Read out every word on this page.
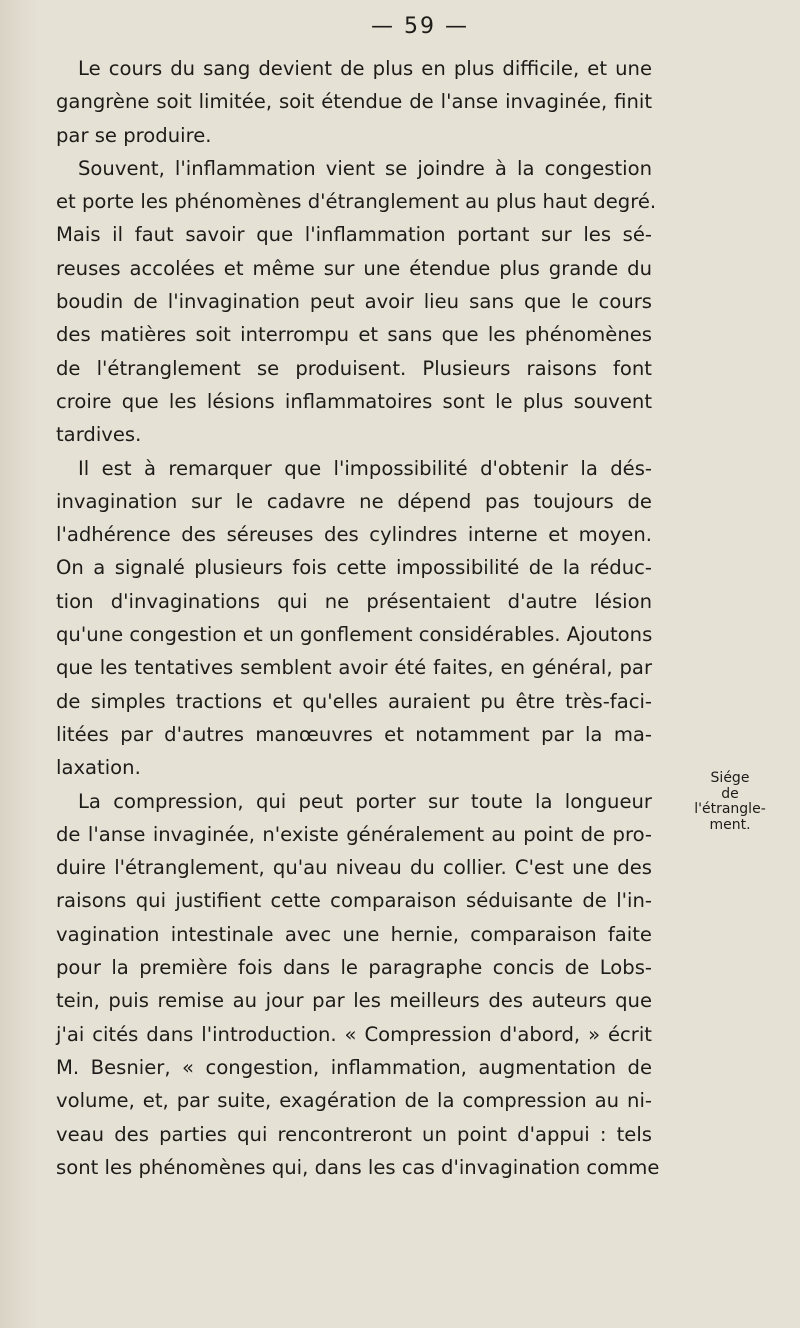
— 59 —
Le cours du sang devient de plus en plus difficile, et une
gangrène soit limitée, soit étendue de l'anse invaginée, finit
par se produire.
Souvent, l'inflammation vient se joindre à la congestion
et porte les phénomènes d'étranglement au plus haut degré.
Mais il faut savoir que l'inflammation portant sur les sé-
reuses accolées et même sur une étendue plus grande du
boudin de l'invagination peut avoir lieu sans que le cours
des matières soit interrompu et sans que les phénomènes
de l'étranglement se produisent. Plusieurs raisons font
croire que les lésions inflammatoires sont le plus souvent
tardives.
Il est à remarquer que l'impossibilité d'obtenir la dés-
invagination sur le cadavre ne dépend pas toujours de
l'adhérence des séreuses des cylindres interne et moyen.
On a signalé plusieurs fois cette impossibilité de la réduc-
tion d'invaginations qui ne présentaient d'autre lésion
qu'une congestion et un gonflement considérables. Ajoutons
que les tentatives semblent avoir été faites, en général, par
de simples tractions et qu'elles auraient pu être très-faci-
litées par d'autres manœuvres et notamment par la ma-
laxation.
La compression, qui peut porter sur toute la longueur
de l'anse invaginée, n'existe généralement au point de pro-
duire l'étranglement, qu'au niveau du collier. C'est une des
raisons qui justifient cette comparaison séduisante de l'in-
vagination intestinale avec une hernie, comparaison faite
pour la première fois dans le paragraphe concis de Lobs-
tein, puis remise au jour par les meilleurs des auteurs que
j'ai cités dans l'introduction. « Compression d'abord, » écrit
M. Besnier, « congestion, inflammation, augmentation de
volume, et, par suite, exagération de la compression au ni-
veau des parties qui rencontreront un point d'appui : tels
sont les phénomènes qui, dans les cas d'invagination comme
Siége
de
l'étrangle-
ment.
